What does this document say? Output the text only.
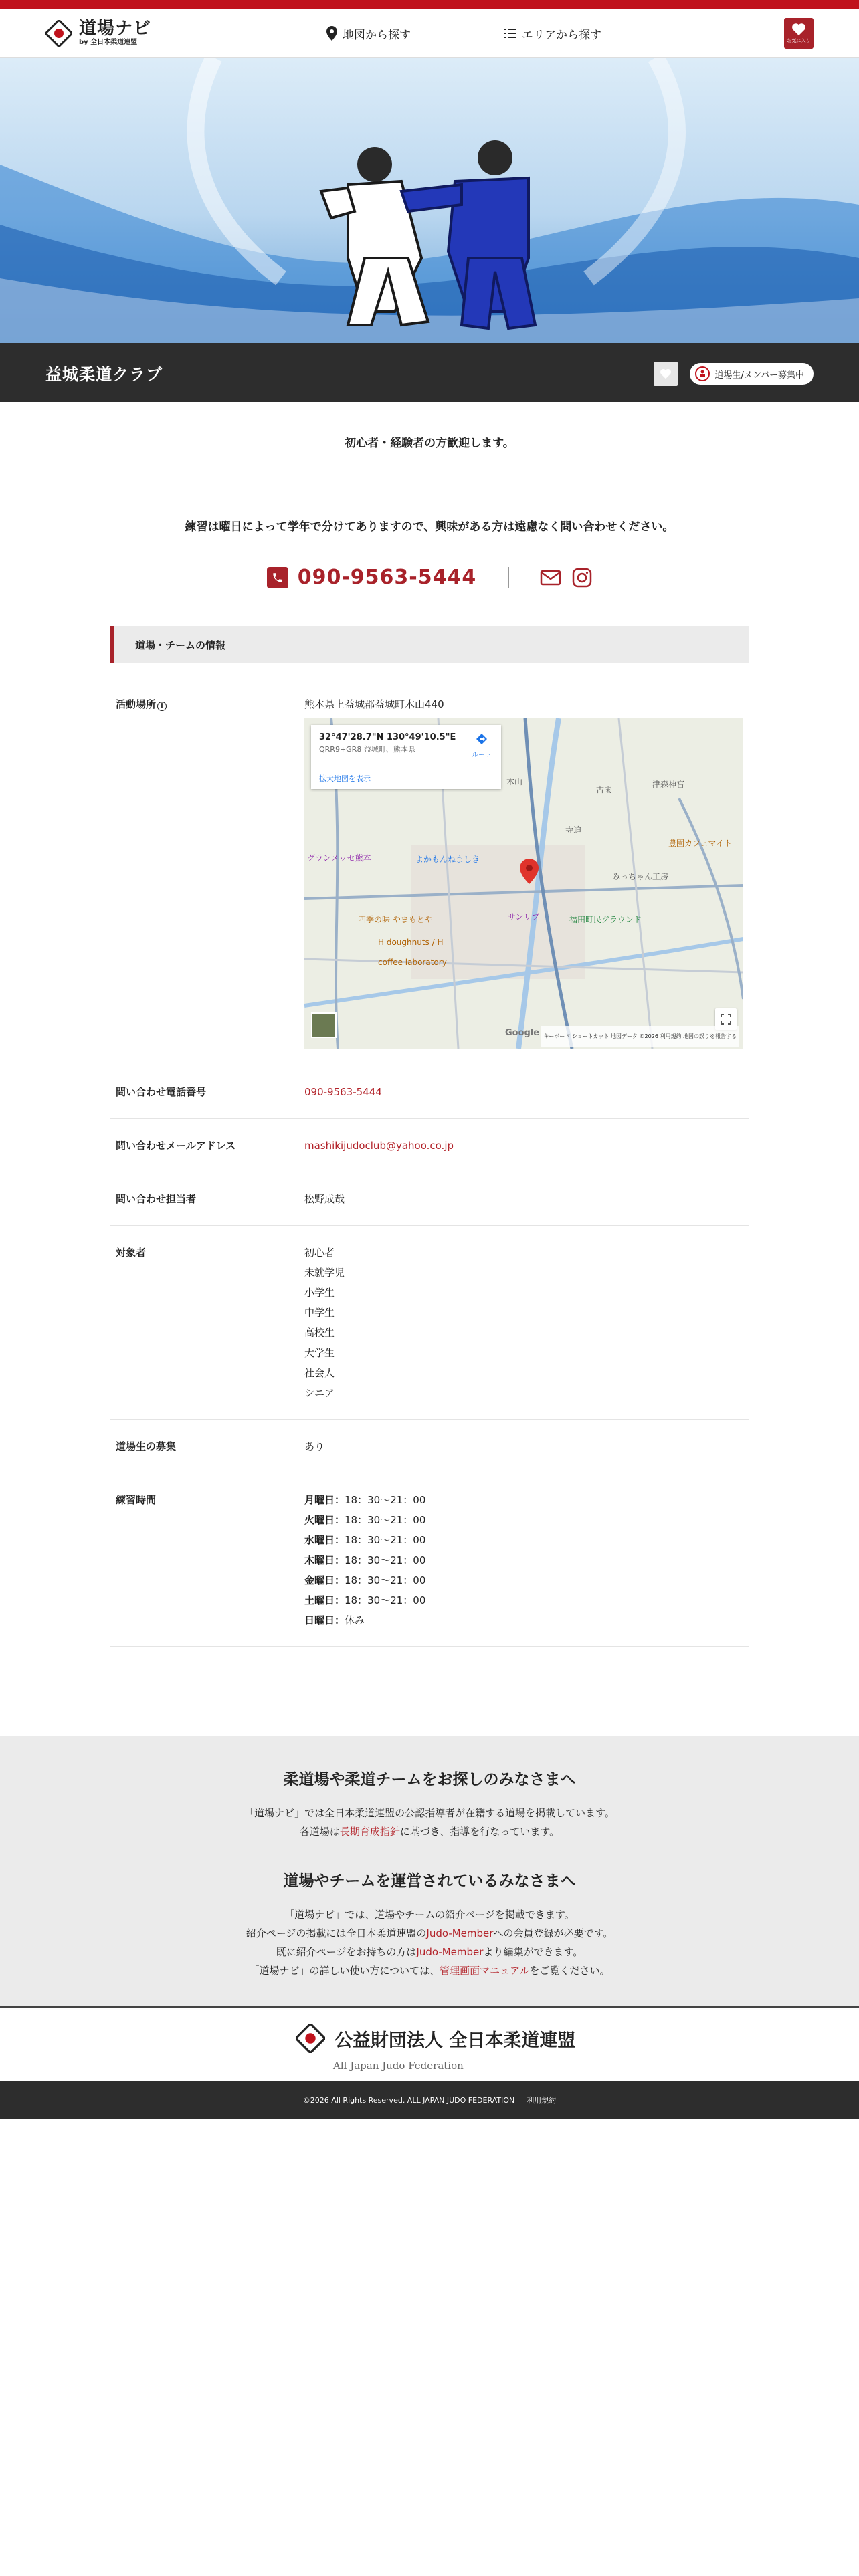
道場ナビ
by 全日本柔道連盟
地図から探す	エリアから探す	お気に入り
益城柔道クラブ	道場生/メンバー募集中

初心者・経験者の方歓迎します。

練習は曜日によって学年で分けてありますので、興味がある方は遠慮なく問い合わせください。

090-9563-5444
道場・チームの情報
活動場所 i	熊本県上益城郡益城町木山440
よかもんねましき
四季の味 やまもとや
H doughnuts / H coffee laboratory
サンリブ
みっちゃん工房
福田町民グラウンド
古閑
木山	津森神宮
グランメッセ熊本
豊園カフェマイト
寺迫
32°47'28.7"N 130°49'10.5"E
QRR9+GR8 益城町、熊本県
拡大地図を表示
ルート
Google キーボード ショートカット 地図データ ©2026 利用規約 地図の誤りを報告する
問い合わせ電話番号	090-9563-5444
問い合わせメールアドレス	mashikijudoclub@yahoo.co.jp
問い合わせ担当者	松野成哉
対象者	初心者
未就学児
小学生
中学生
高校生
大学生
社会人
シニア
道場生の募集	あり
練習時間	月曜日：18：30〜21：00
火曜日：18：30〜21：00
水曜日：18：30〜21：00
木曜日：18：30〜21：00
金曜日：18：30〜21：00
土曜日：18：30〜21：00
日曜日：休み
柔道場や柔道チームをお探しのみなさまへ

「道場ナビ」では全日本柔道連盟の公認指導者が在籍する道場を掲載しています。

各道場は長期育成指針に基づき、指導を行なっています。

道場やチームを運営されているみなさまへ

「道場ナビ」では、道場やチームの紹介ページを掲載できます。

紹介ページの掲載には全日本柔道連盟のJudo-Memberへの会員登録が必要です。

既に紹介ページをお持ちの方はJudo-Memberより編集ができます。

「道場ナビ」の詳しい使い方については、管理画面マニュアルをご覧ください。

公益財団法人 全日本柔道連盟
All Japan Judo Federation
©2026 All Rights Reserved. ALL JAPAN JUDO FEDERATION 利用規約
